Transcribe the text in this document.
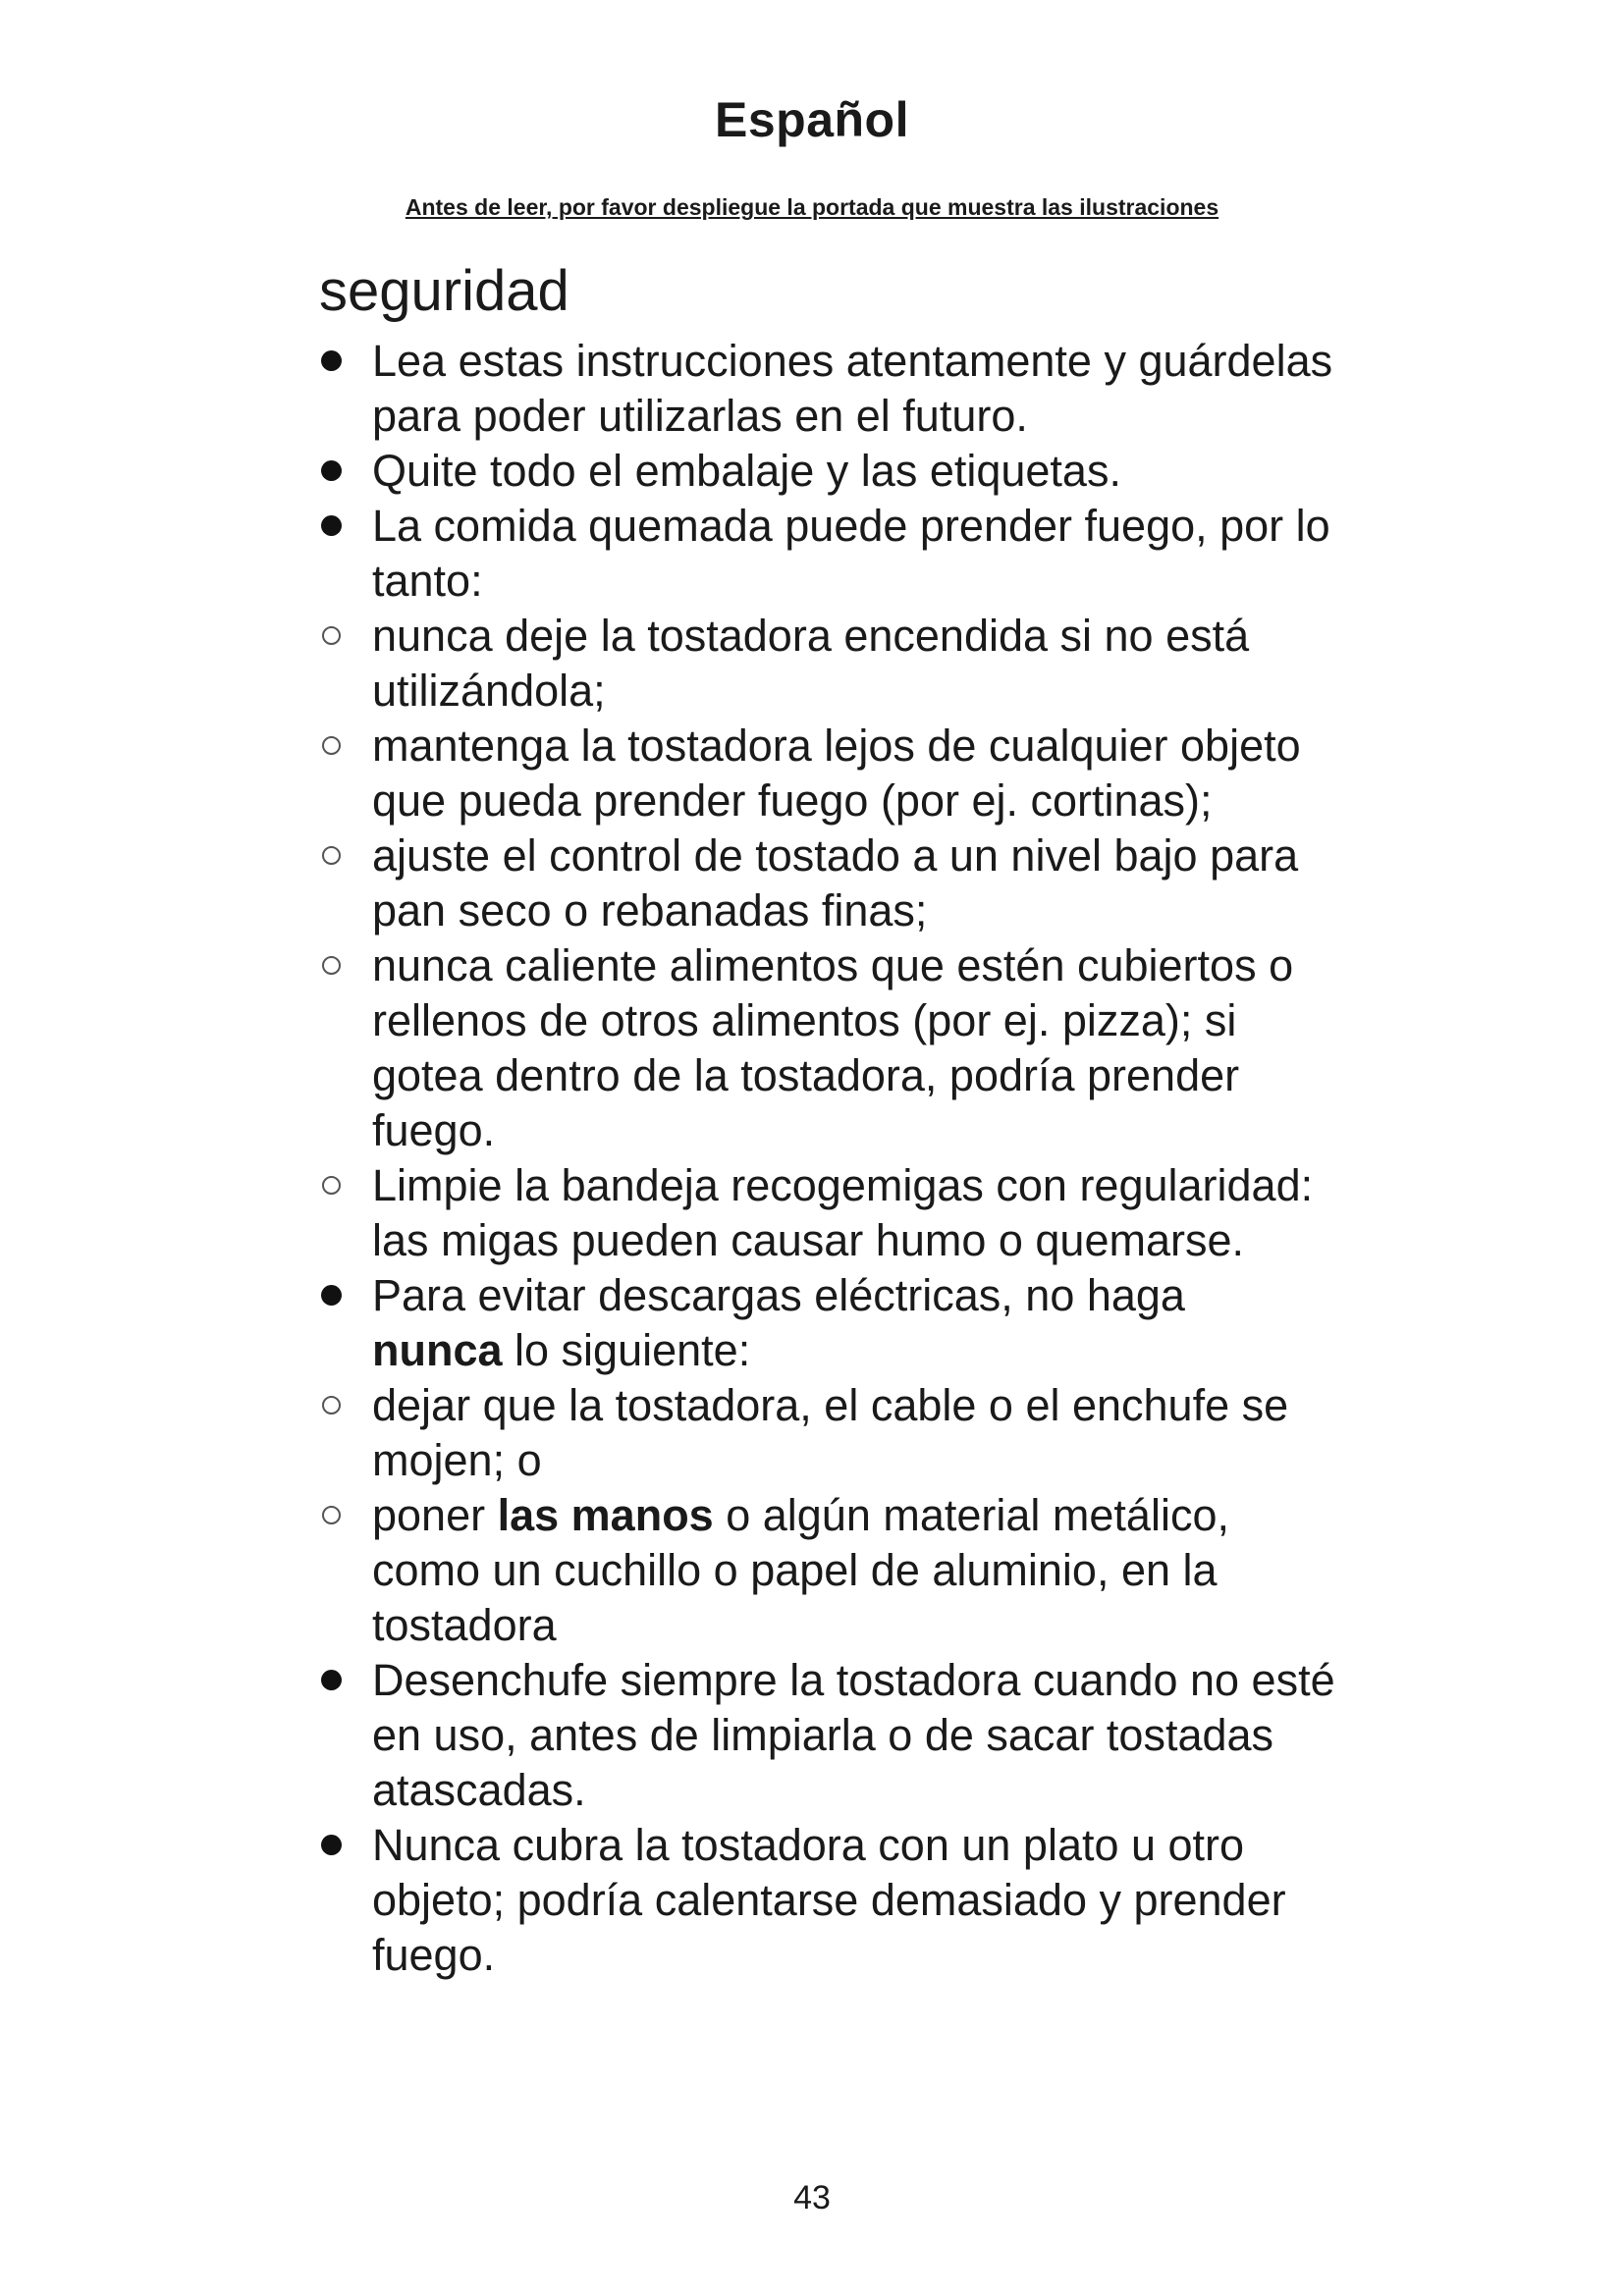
Español
Antes de leer, por favor despliegue la portada que muestra las ilustraciones
seguridad
Lea estas instrucciones atentamente y guárdelas para poder utilizarlas en el futuro.
Quite todo el embalaje y las etiquetas.
La comida quemada puede prender fuego, por lo tanto:
nunca deje la tostadora encendida si no está utilizándola;
mantenga la tostadora lejos de cualquier objeto que pueda prender fuego (por ej. cortinas);
ajuste el control de tostado a un nivel bajo para pan seco o rebanadas finas;
nunca caliente alimentos que estén cubiertos o rellenos de otros alimentos (por ej. pizza); si gotea dentro de la tostadora, podría prender fuego.
Limpie la bandeja recogemigas con regularidad: las migas pueden causar humo o quemarse.
Para evitar descargas eléctricas, no haga
nunca lo siguiente:
dejar que la tostadora, el cable o el enchufe se mojen; o
poner las manos o algún material metálico, como un cuchillo o papel de aluminio, en la tostadora
Desenchufe siempre la tostadora cuando no esté en uso, antes de limpiarla o de sacar tostadas atascadas.
Nunca cubra la tostadora con un plato u otro objeto; podría calentarse demasiado y prender fuego.
43
